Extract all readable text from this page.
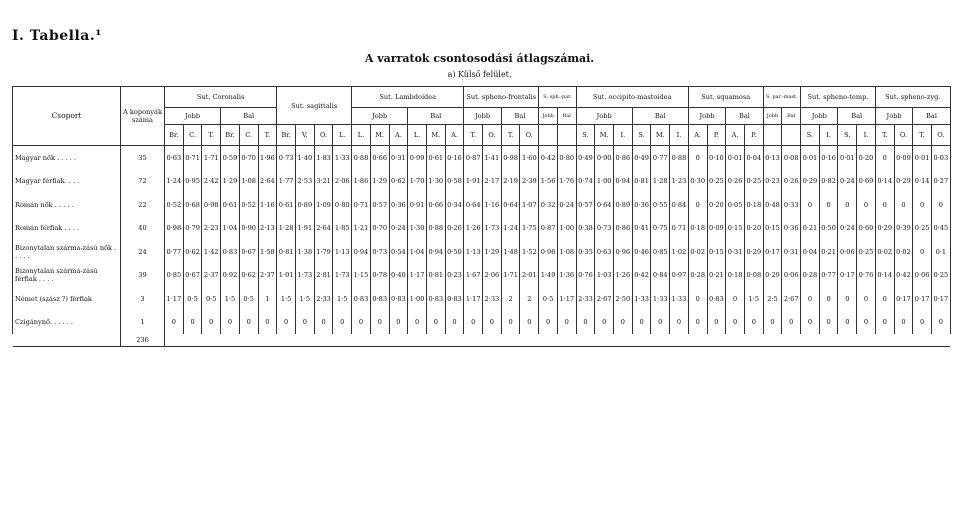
I. Tabella.¹
A varratok csontosodási átlagszámai.
a) Külső felület.
Csoport	A koponyák száma	Sut. Coronalis						Sut. sagittalis				Sut. Lambdoidea						Sut. spheno-frontalis				S. sph.-par.		Sut. occipito-mastoidea						Sut. squamosa				S. par.-mast.		Sut. spheno-temp.				Sut. spheno-zyg.			
		Jobb			Bal							Jobb			Bal			Jobb		Bal		Jobb	Bal	Jobb			Bal			Jobb		Bal		Jobb	Bal	Jobb		Bal		Jobb		Bal	
		Br.	C.	T.	Br.	C.	T.	Br.	V.	O.	L.	L.	M.	A.	L.	M.	A.	T.	O.	T.	O.			S.	M.	I.	S.	M.	I.	A.	P.	A.	P.			S.	I.	S.	I.	T.	O.	T.	O.
Magyar nők . . . . .	35	0·63	0·71	1·71	0·59	0·70	1·96	0·73	1·40	1·83	1·33	0·88	0·66	0·31	0·99	0·61	0·16	0·87	1·41	0·98	1·60	0·42	0·80	0·49	0·90	0·86	0·49	0·77	0·88	0	0·10	0·01	0·04	0·13	0·08	0·01	0·16	0·01	0·20	0	0·09	0·01	0·03
Magyar férfiak. . . .	72	1·24	0·95	2·42	1·29	1·08	2·64	1·77	2·53	3·21	2·06	1·86	1·29	0·62	1·70	1·30	0·58	1·91	2·17	2·19	2·39	1·56	1·76	0·74	1·00	0·94	0·81	1·28	1·23	0·30	0·25	0·26	0·25	0·23	0·26	0·29	0·82	0·24	0·69	0·14	0·29	0·14	0·27
Román nők . . . . .	22	0·52	0·68	0·98	0·61	0·52	1·16	0·61	0·89	1·09	0·80	0·71	0·57	0·36	0·91	0·66	0·34	0·64	1·16	0·64	1·07	0·32	0·24	0·57	0·64	0·89	0·36	0·55	0·84	0	0·20	0·05	0·18	0·48	0·33	0	0	0	0	0	0	0	0
Román férfiak . . . .	40	0·98	0·79	2·23	1·04	0·90	2·13	1·28	1·91	2·64	1·85	1·21	0·70	0·24	1·30	0·88	0·26	1·26	1·73	1·24	1·75	0·87	1·00	0·38	0·73	0·86	0·41	0·75	0·71	0·18	0·09	0·15	0·20	0·15	0·36	0·21	0·50	0·24	0·60	0·29	0·39	0·25	0·45
Bizonytalan szárma-zású nők . . . . .	24	0·77	0·62	1·42	0·83	0·67	1·58	0·81	1·38	1·79	1·13	0·94	0·73	0·54	1·04	0·94	0·50	1·13	1·29	1·48	1·52	0·96	1·08	0·35	0·63	0·96	0·46	0·85	1·02	0·02	0·15	0·31	0·29	0·17	0·31	0·04	0·21	0·06	0·25	0·02	0·02	0	0·1
Bizonytalan szárma-zású férfiak . . . .	39	0·85	0·67	2·37	0·92	0·62	2·37	1·01	1·73	2·81	1·73	1·15	0·78	0·40	1·17	0·81	0·23	1·67	2·06	1·71	2·01	1·49	1·36	0·76	1·03	1·26	0·42	0·84	0·97	0·28	0·21	0·18	0·08	0·29	0·06	0·28	0·77	0·17	0·76	0·14	0·42	0·06	0·25
Német (szász ?) férfiak	3	1·17	0·5	0·5	1·5	0·5	1	1·5	1·5	2·33	1·5	0·83	0·83	0·83	1·00	0·83	0·83	1·17	2·33	2	2	0·5	1·17	2·33	2·67	2·50	1·33	1·33	1·33	0	0·83	0	1·5	2·5	2·67	0	0	0	0	0	0·17	0·17	0·17
Czigánynő. . . . . .	1	0	0	0	0	0	0	0	0	0	0	0	0	0	0	0	0	0	0	0	0	0	0	0	0	0	0	0	0	0	0	0	0	0	0	0	0	0	0	0	0	0	0
	236																																										
